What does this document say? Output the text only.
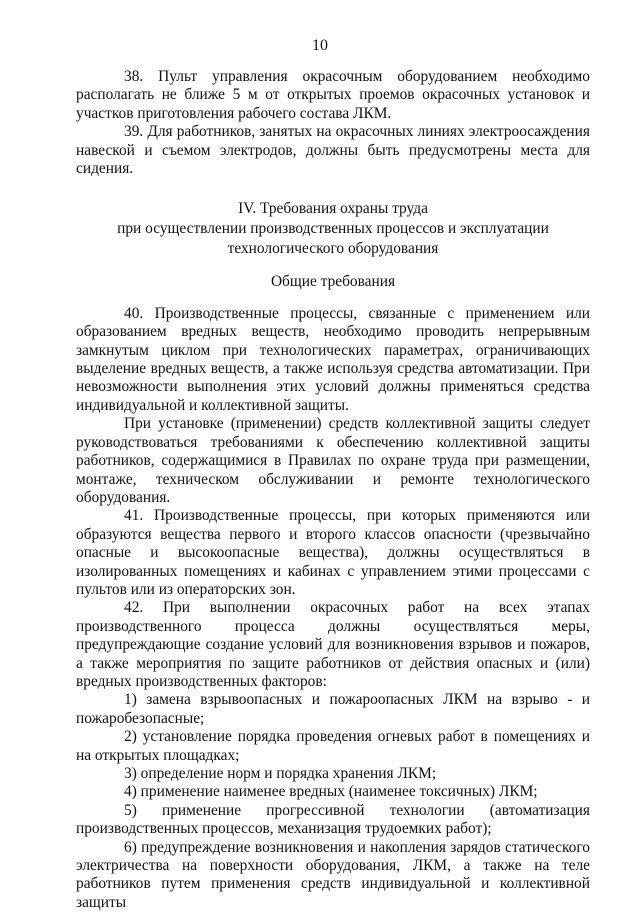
10

38. Пульт управления окрасочным оборудованием необходимо располагать не ближе 5 м от открытых проемов окрасочных установок и участков приготовления рабочего состава ЛКМ.

39. Для работников, занятых на окрасочных линиях электроосаждения навеской и съемом электродов, должны быть предусмотрены места для сидения.

IV. Требования охраны труда
при осуществлении производственных процессов и эксплуатации
технологического оборудования
Общие требования

40. Производственные процессы, связанные с применением или образованием вредных веществ, необходимо проводить непрерывным замкнутым циклом при технологических параметрах, ограничивающих выделение вредных веществ, а также используя средства автоматизации. При невозможности выполнения этих условий должны применяться средства индивидуальной и коллективной защиты.

При установке (применении) средств коллективной защиты следует руководствоваться требованиями к обеспечению коллективной защиты работников, содержащимися в Правилах по охране труда при размещении, монтаже, техническом обслуживании и ремонте технологического оборудования.

41. Производственные процессы, при которых применяются или образуются вещества первого и второго классов опасности (чрезвычайно опасные и высокоопасные вещества), должны осуществляться в изолированных помещениях и кабинах с управлением этими процессами с пультов или из операторских зон.

42. При выполнении окрасочных работ на всех этапах производственного процесса должны осуществляться меры, предупреждающие создание условий для возникновения взрывов и пожаров, а также мероприятия по защите работников от действия опасных и (или) вредных производственных факторов:

1) замена взрывоопасных и пожароопасных ЛКМ на взрыво - и пожаробезопасные;

2) установление порядка проведения огневых работ в помещениях и на открытых площадках;

3) определение норм и порядка хранения ЛКМ;

4) применение наименее вредных (наименее токсичных) ЛКМ;

5) применение прогрессивной технологии (автоматизация производственных процессов, механизация трудоемких работ);

6) предупреждение возникновения и накопления зарядов статического электричества на поверхности оборудования, ЛКМ, а также на теле работников путем применения средств индивидуальной и коллективной защиты
